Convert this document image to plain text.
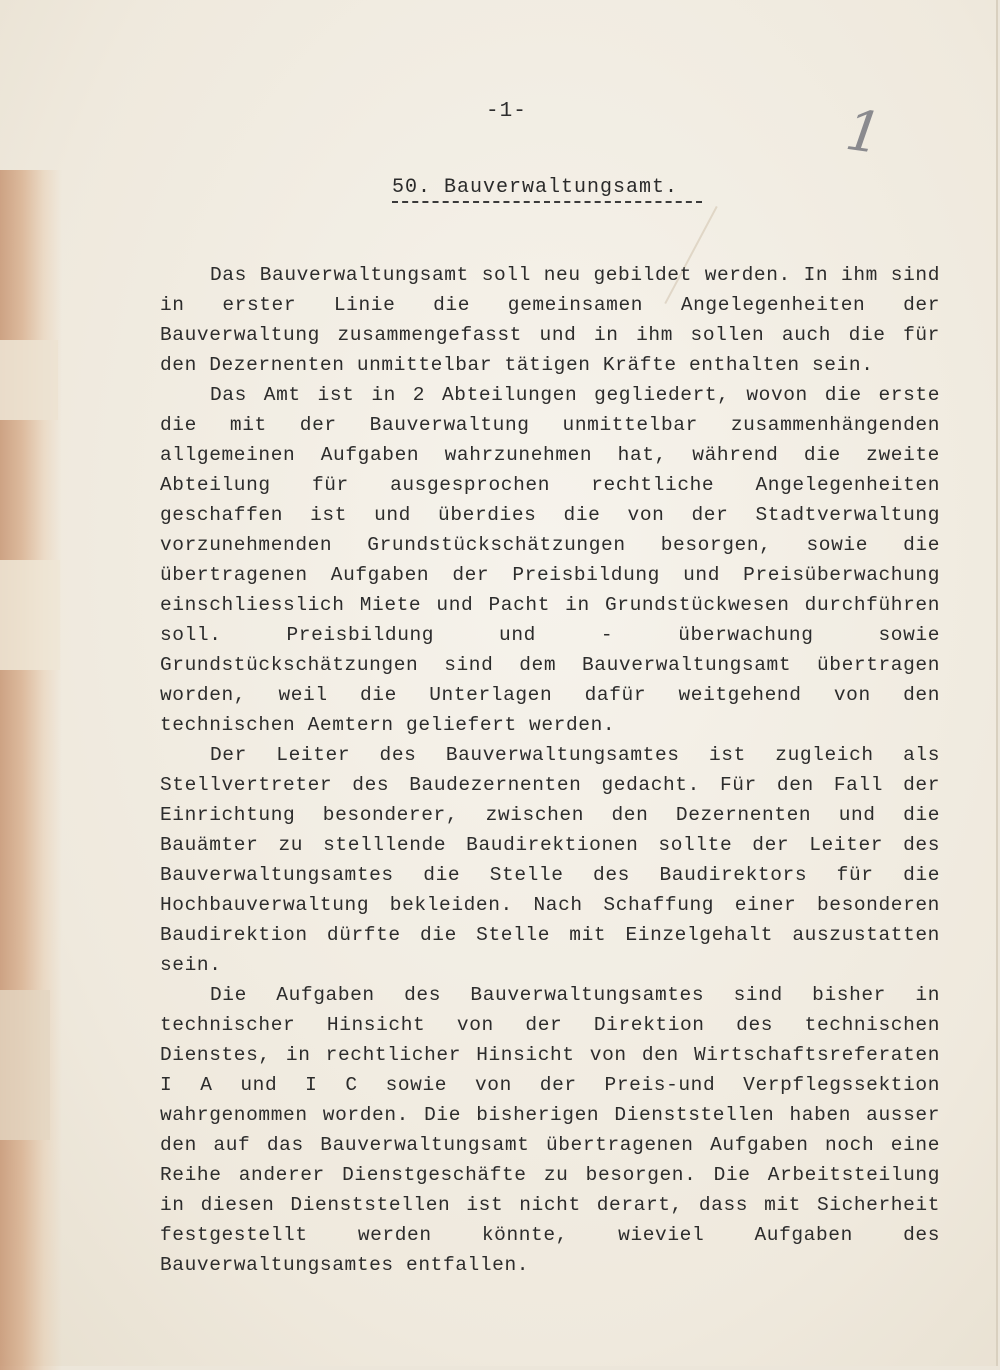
-1-	1
50. Bauverwaltungsamt.

Das Bauverwaltungsamt soll neu gebildet werden. In ihm sind in erster Linie die gemeinsamen Angelegenheiten der Bauverwaltung zusammengefasst und in ihm sollen auch die für den Dezernenten unmittelbar tätigen Kräfte enthalten sein.

Das Amt ist in 2 Abteilungen gegliedert, wovon die erste die mit der Bauverwaltung unmittelbar zusammenhängenden allgemeinen Aufgaben wahrzunehmen hat, während die zweite Abteilung für ausgesprochen rechtliche Angelegenheiten geschaffen ist und überdies die von der Stadtverwaltung vorzunehmenden Grundstückschätzungen besorgen, sowie die übertragenen Aufgaben der Preisbildung und Preisüberwachung einschliesslich Miete und Pacht in Grundstückwesen durchführen soll. Preisbildung und - überwachung sowie Grundstückschätzungen sind dem Bauverwaltungsamt übertragen worden, weil die Unterlagen dafür weitgehend von den technischen Aemtern geliefert werden.

Der Leiter des Bauverwaltungsamtes ist zugleich als Stellvertreter des Baudezernenten gedacht. Für den Fall der Einrichtung besonderer, zwischen den Dezernenten und die Bauämter zu stelllende Baudirektionen sollte der Leiter des Bauverwaltungsamtes die Stelle des Baudirektors für die Hochbauverwaltung bekleiden. Nach Schaffung einer besonderen Baudirektion dürfte die Stelle mit Einzelgehalt auszustatten sein.

Die Aufgaben des Bauverwaltungsamtes sind bisher in technischer Hinsicht von der Direktion des technischen Dienstes, in rechtlicher Hinsicht von den Wirtschaftsreferaten I A und I C sowie von der Preis-und Verpflegssektion wahrgenommen worden. Die bisherigen Dienststellen haben ausser den auf das Bauverwaltungsamt übertragenen Aufgaben noch eine Reihe anderer Dienstgeschäfte zu besorgen. Die Arbeitsteilung in diesen Dienststellen ist nicht derart, dass mit Sicherheit festgestellt werden könnte, wieviel Aufgaben des Bauverwaltungsamtes entfallen.
